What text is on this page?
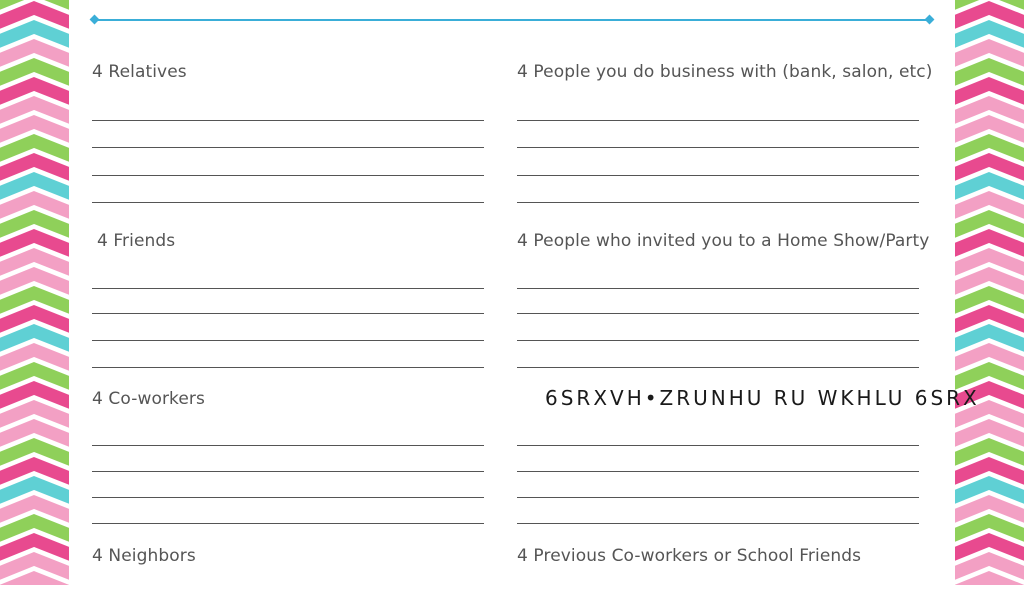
4 Relatives
4 Friends
4 Co-workers
4 Neighbors
4 People you do business with (bank, salon, etc)
4 People who invited you to a Home Show/Party
4 Previous Co-workers or School Friends
6SRXVH•ZRUNHU RU WKHLU 6SRX
